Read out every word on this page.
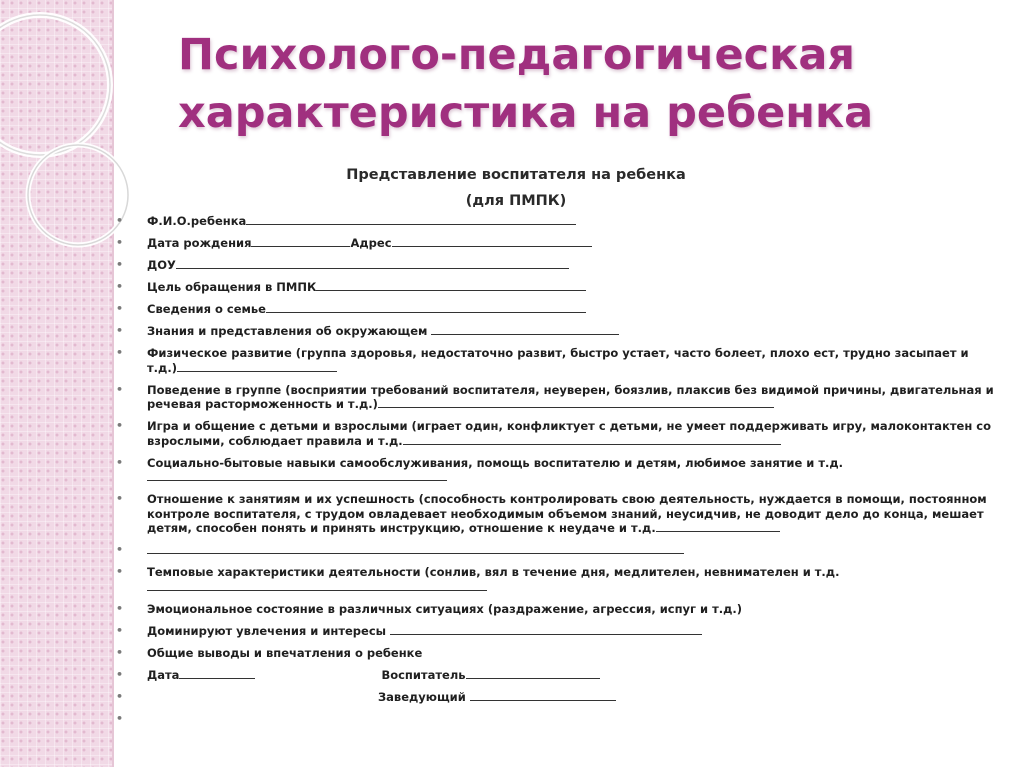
Психолого-педагогическая
характеристика на ребенка
Представление воспитателя на ребенка
(для ПМПК)
• Ф.И.О.ребенка
• Дата рождения	Адрес
• ДОУ
• Цель обращения в ПМПК
• Сведения о семье
• Знания и представления об окружающем
• Физическое развитие (группа здоровья, недостаточно развит, быстро устает, часто болеет, плохо ест, трудно засыпает и т.д.)
• Поведение в группе (восприятии требований воспитателя, неуверен, боязлив, плаксив без видимой причины, двигательная и речевая расторможенность и т.д.)
• Игра и общение с детьми и взрослыми (играет один, конфликтует с детьми, не умеет поддерживать игру, малоконтактен со взрослыми, соблюдает правила и т.д.
• Социально-бытовые навыки самообслуживания, помощь воспитателю и детям, любимое занятие и т.д.
• Отношение к занятиям и их успешность (способность контролировать свою деятельность, нуждается в помощи, постоянном контроле воспитателя, с трудом овладевает необходимым объемом знаний, неусидчив, не доводит дело до конца, мешает детям, способен понять и принять инструкцию, отношение к неудаче и т.д.
•
• Темповые характеристики деятельности (сонлив, вял в течение дня, медлителен, невнимателен и т.д.
• Эмоциональное состояние в различных ситуациях (раздражение, агрессия, испуг и т.д.)
• Доминируют увлечения и интересы
• Общие выводы и впечатления о ребенке
• Дата	Воспитатель
•	Заведующий
•
